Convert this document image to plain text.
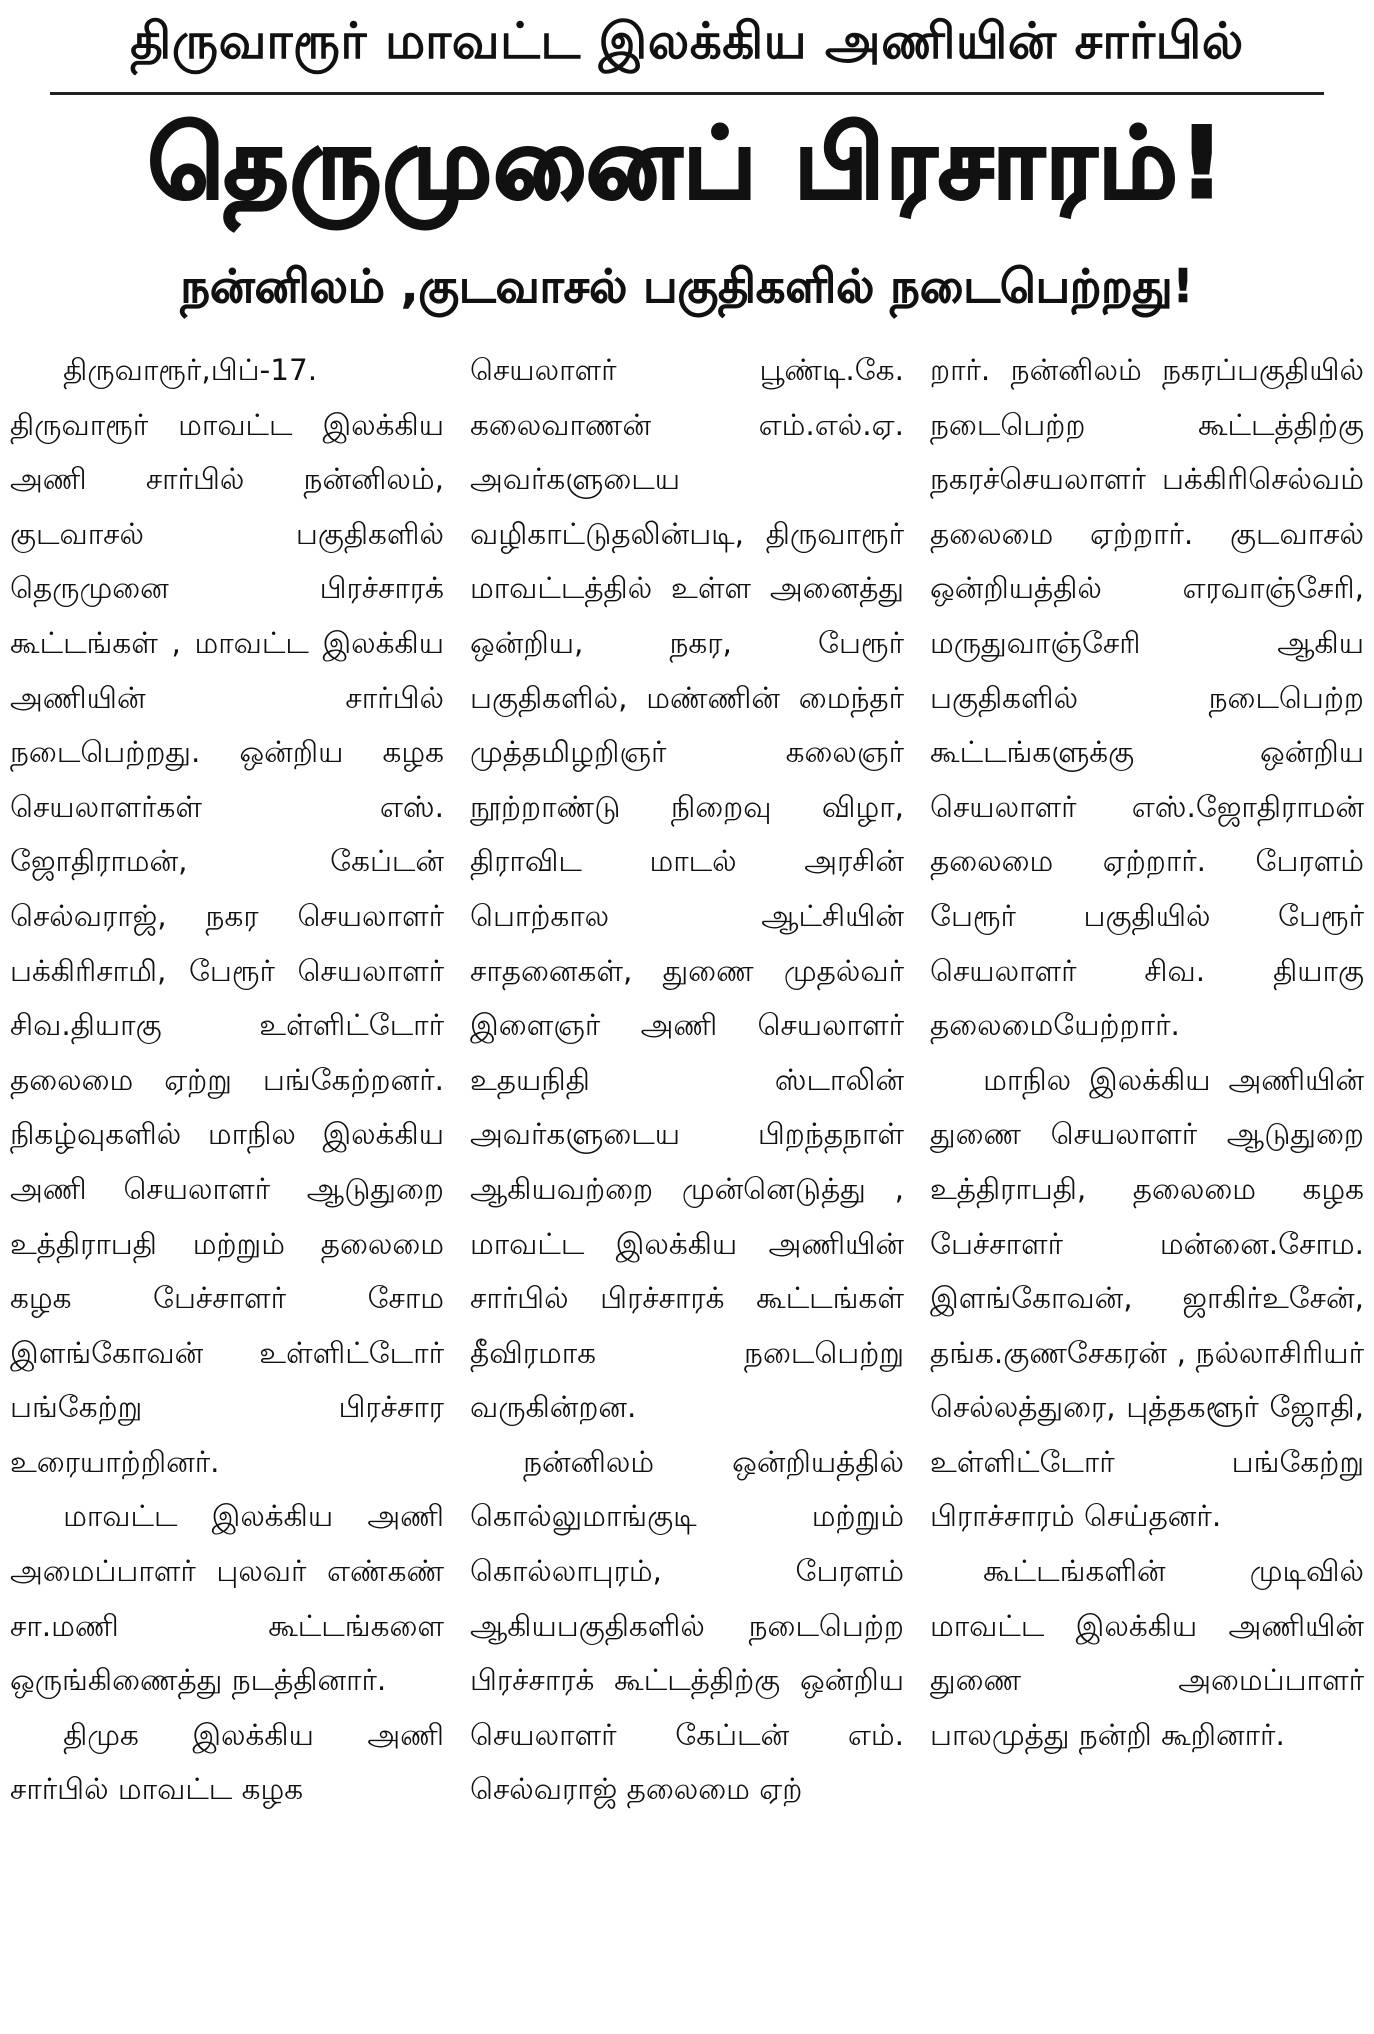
திருவாரூர் மாவட்ட இலக்கிய அணியின் சார்பில்
தெருமுனைப் பிரசாரம்!
நன்னிலம் ,குடவாசல் பகுதிகளில் நடைபெற்றது!

திருவாரூர்,பிப்-17. திருவாரூர் மாவட்ட இலக்கிய அணி சார்பில் நன்னிலம், குடவாசல் பகுதிகளில் தெருமுனை பிரச்சாரக் கூட்டங்கள் , மாவட்ட இலக்கிய அணியின் சார்பில் நடைபெற்றது. ஒன்றிய கழக செயலாளர்கள் எஸ். ஜோதிராமன், கேப்டன் செல்வராஜ், நகர செயலாளர் பக்கிரிசாமி, பேரூர் செயலாளர் சிவ.தியாகு உள்ளிட்டோர் தலைமை ஏற்று பங்கேற்றனர். நிகழ்வுகளில் மாநில இலக்கிய அணி செயலாளர் ஆடுதுறை உத்திராபதி மற்றும் தலைமை கழக பேச்சாளர் சோம இளங்கோவன் உள்ளிட்டோர் பங்கேற்று பிரச்சார உரையாற்றினர்.

மாவட்ட இலக்கிய அணி அமைப்பாளர் புலவர் எண்கண் சா.மணி கூட்டங்களை ஒருங்கிணைத்து நடத்தினார்.

திமுக இலக்கிய அணி சார்பில் மாவட்ட கழக

செயலாளர் பூண்டி.கே. கலைவாணன் எம்.எல்.ஏ. அவர்களுடைய வழிகாட்டுதலின்படி, திருவாரூர் மாவட்டத்தில் உள்ள அனைத்து ஒன்றிய, நகர, பேரூர் பகுதிகளில், மண்ணின் மைந்தர் முத்தமிழறிஞர் கலைஞர் நூற்றாண்டு நிறைவு விழா, திராவிட மாடல் அரசின் பொற்கால ஆட்சியின் சாதனைகள், துணை முதல்வர் இளைஞர் அணி செயலாளர் உதயநிதி ஸ்டாலின் அவர்களுடைய பிறந்தநாள் ஆகியவற்றை முன்னெடுத்து , மாவட்ட இலக்கிய அணியின் சார்பில் பிரச்சாரக் கூட்டங்கள் தீவிரமாக நடைபெற்று வருகின்றன.

நன்னிலம் ஒன்றியத்தில் கொல்லுமாங்குடி மற்றும் கொல்லாபுரம், பேரளம் ஆகியபகுதிகளில் நடைபெற்ற பிரச்சாரக் கூட்டத்திற்கு ஒன்றிய செயலாளர் கேப்டன் எம். செல்வராஜ் தலைமை ஏற்

றார். நன்னிலம் நகரப்பகுதியில் நடைபெற்ற கூட்டத்திற்கு நகரச்செயலாளர் பக்கிரிசெல்வம் தலைமை ஏற்றார். குடவாசல் ஒன்றியத்தில் எரவாஞ்சேரி, மருதுவாஞ்சேரி ஆகிய பகுதிகளில் நடைபெற்ற கூட்டங்களுக்கு ஒன்றிய செயலாளர் எஸ்.ஜோதிராமன் தலைமை ஏற்றார். பேரளம் பேரூர் பகுதியில் பேரூர் செயலாளர் சிவ. தியாகு தலைமையேற்றார்.

மாநில இலக்கிய அணியின் துணை செயலாளர் ஆடுதுறை உத்திராபதி, தலைமை கழக பேச்சாளர் மன்னை.சோம. இளங்கோவன், ஜாகிர்உசேன், தங்க.குணசேகரன் , நல்லாசிரியர் செல்லத்துரை, புத்தகளூர் ஜோதி, உள்ளிட்டோர் பங்கேற்று பிராச்சாரம் செய்தனர்.

கூட்டங்களின் முடிவில் மாவட்ட இலக்கிய அணியின் துணை அமைப்பாளர் பாலமுத்து நன்றி கூறினார்.
